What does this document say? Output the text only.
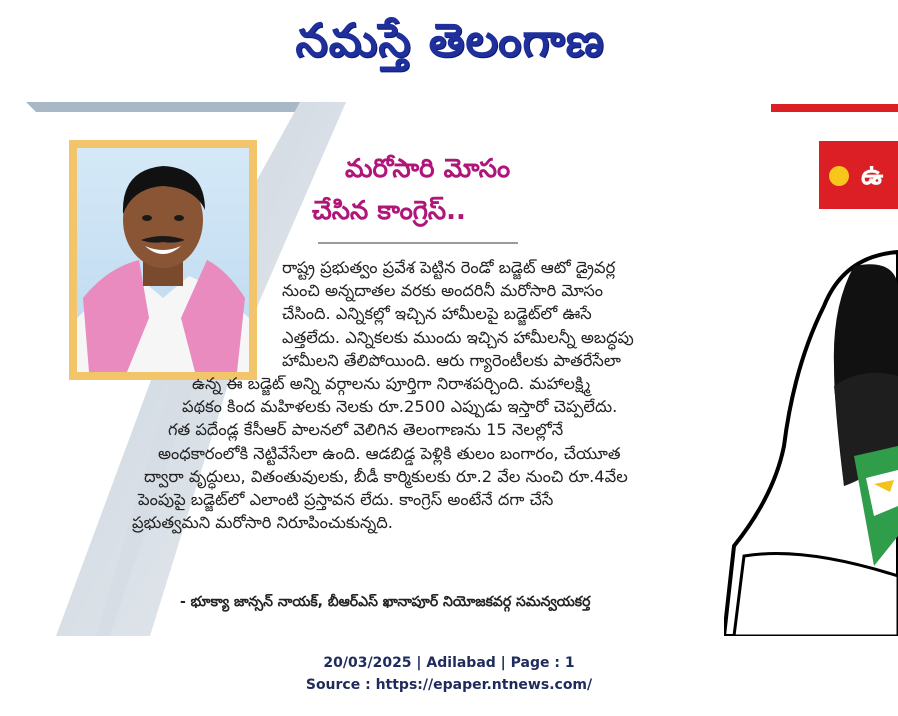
నమస్తే తెలంగాణ
మరోసారి మోసం
చేసిన కాంగ్రెస్..
రాష్ట్ర ప్రభుత్వం ప్రవేశ పెట్టిన రెండో బడ్జెట్ ఆటో డ్రైవర్ల
నుంచి అన్నదాతల వరకు అందరినీ మరోసారి మోసం
చేసింది. ఎన్నికల్లో ఇచ్చిన హామీలపై బడ్జెట్‌లో ఊసే
ఎత్తలేదు. ఎన్నికలకు ముందు ఇచ్చిన హామీలన్నీ అబద్ధపు
హామీలని తేలిపోయింది. ఆరు గ్యారెంటీలకు పాతరేసేలా
ఉన్న ఈ బడ్జెట్ అన్ని వర్గాలను పూర్తిగా నిరాశపర్చింది. మహాలక్ష్మి
పథకం కింద మహిళలకు నెలకు రూ.2500 ఎప్పుడు ఇస్తారో చెప్పలేదు.
గత పదేండ్ల కేసీఆర్ పాలనలో వెలిగిన తెలంగాణను 15 నెలల్లోనే
అంధకారంలోకి నెట్టివేసేలా ఉంది. ఆడబిడ్డ పెళ్లికి తులం బంగారం, చేయూత
ద్వారా వృద్ధులు, వితంతువులకు, బీడీ కార్మికులకు రూ.2 వేల నుంచి రూ.4వేల
పెంపుపై బడ్జెట్‌లో ఎలాంటి ప్రస్తావన లేదు. కాంగ్రెస్ అంటేనే దగా చేసే
ప్రభుత్వమని మరోసారి నిరూపించుకున్నది.
- భూక్యా జాన్సన్ నాయక్, బీఆర్ఎస్ ఖానాపూర్ నియోజకవర్గ సమన్వయకర్త
ఉ
20/03/2025 | Adilabad | Page : 1
Source : https://epaper.ntnews.com/
